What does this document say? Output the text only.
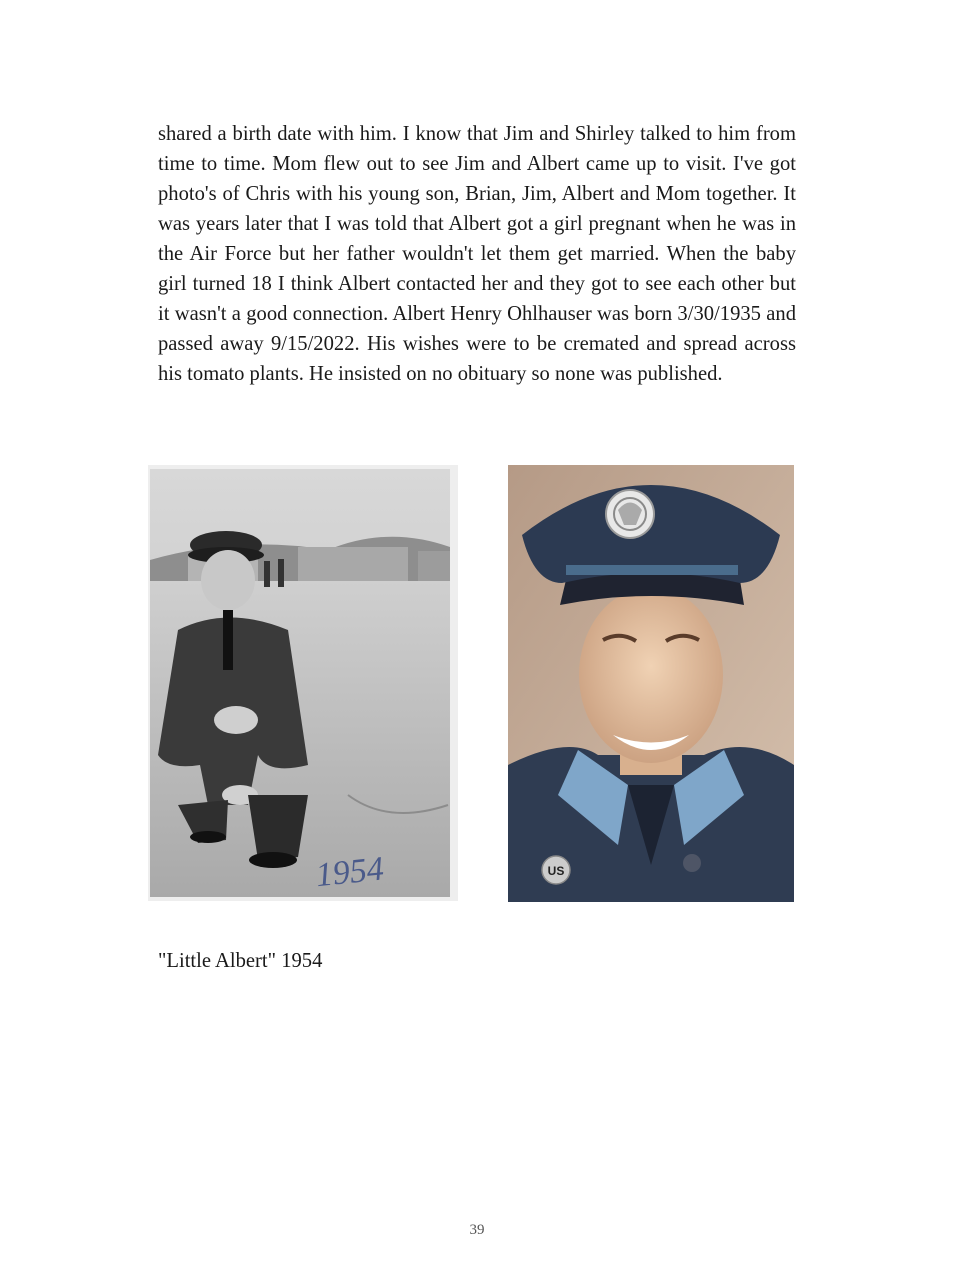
shared a birth date with him. I know that Jim and Shirley talked to him from time to time. Mom flew out to see Jim and Albert came up to visit. I've got photo's of Chris with his young son, Brian, Jim, Albert and Mom together. It was years later that I was told that Albert got a girl pregnant when he was in the Air Force but her father wouldn't let them get married. When the baby girl turned 18 I think Albert contacted her and they got to see each other but it wasn't a good connection. Albert Henry Ohlhauser was born 3/30/1935 and passed away 9/15/2022. His wishes were to be cremated and spread across his tomato plants. He insisted on no obituary so none was published.

1954	US

"Little Albert" 1954

39
